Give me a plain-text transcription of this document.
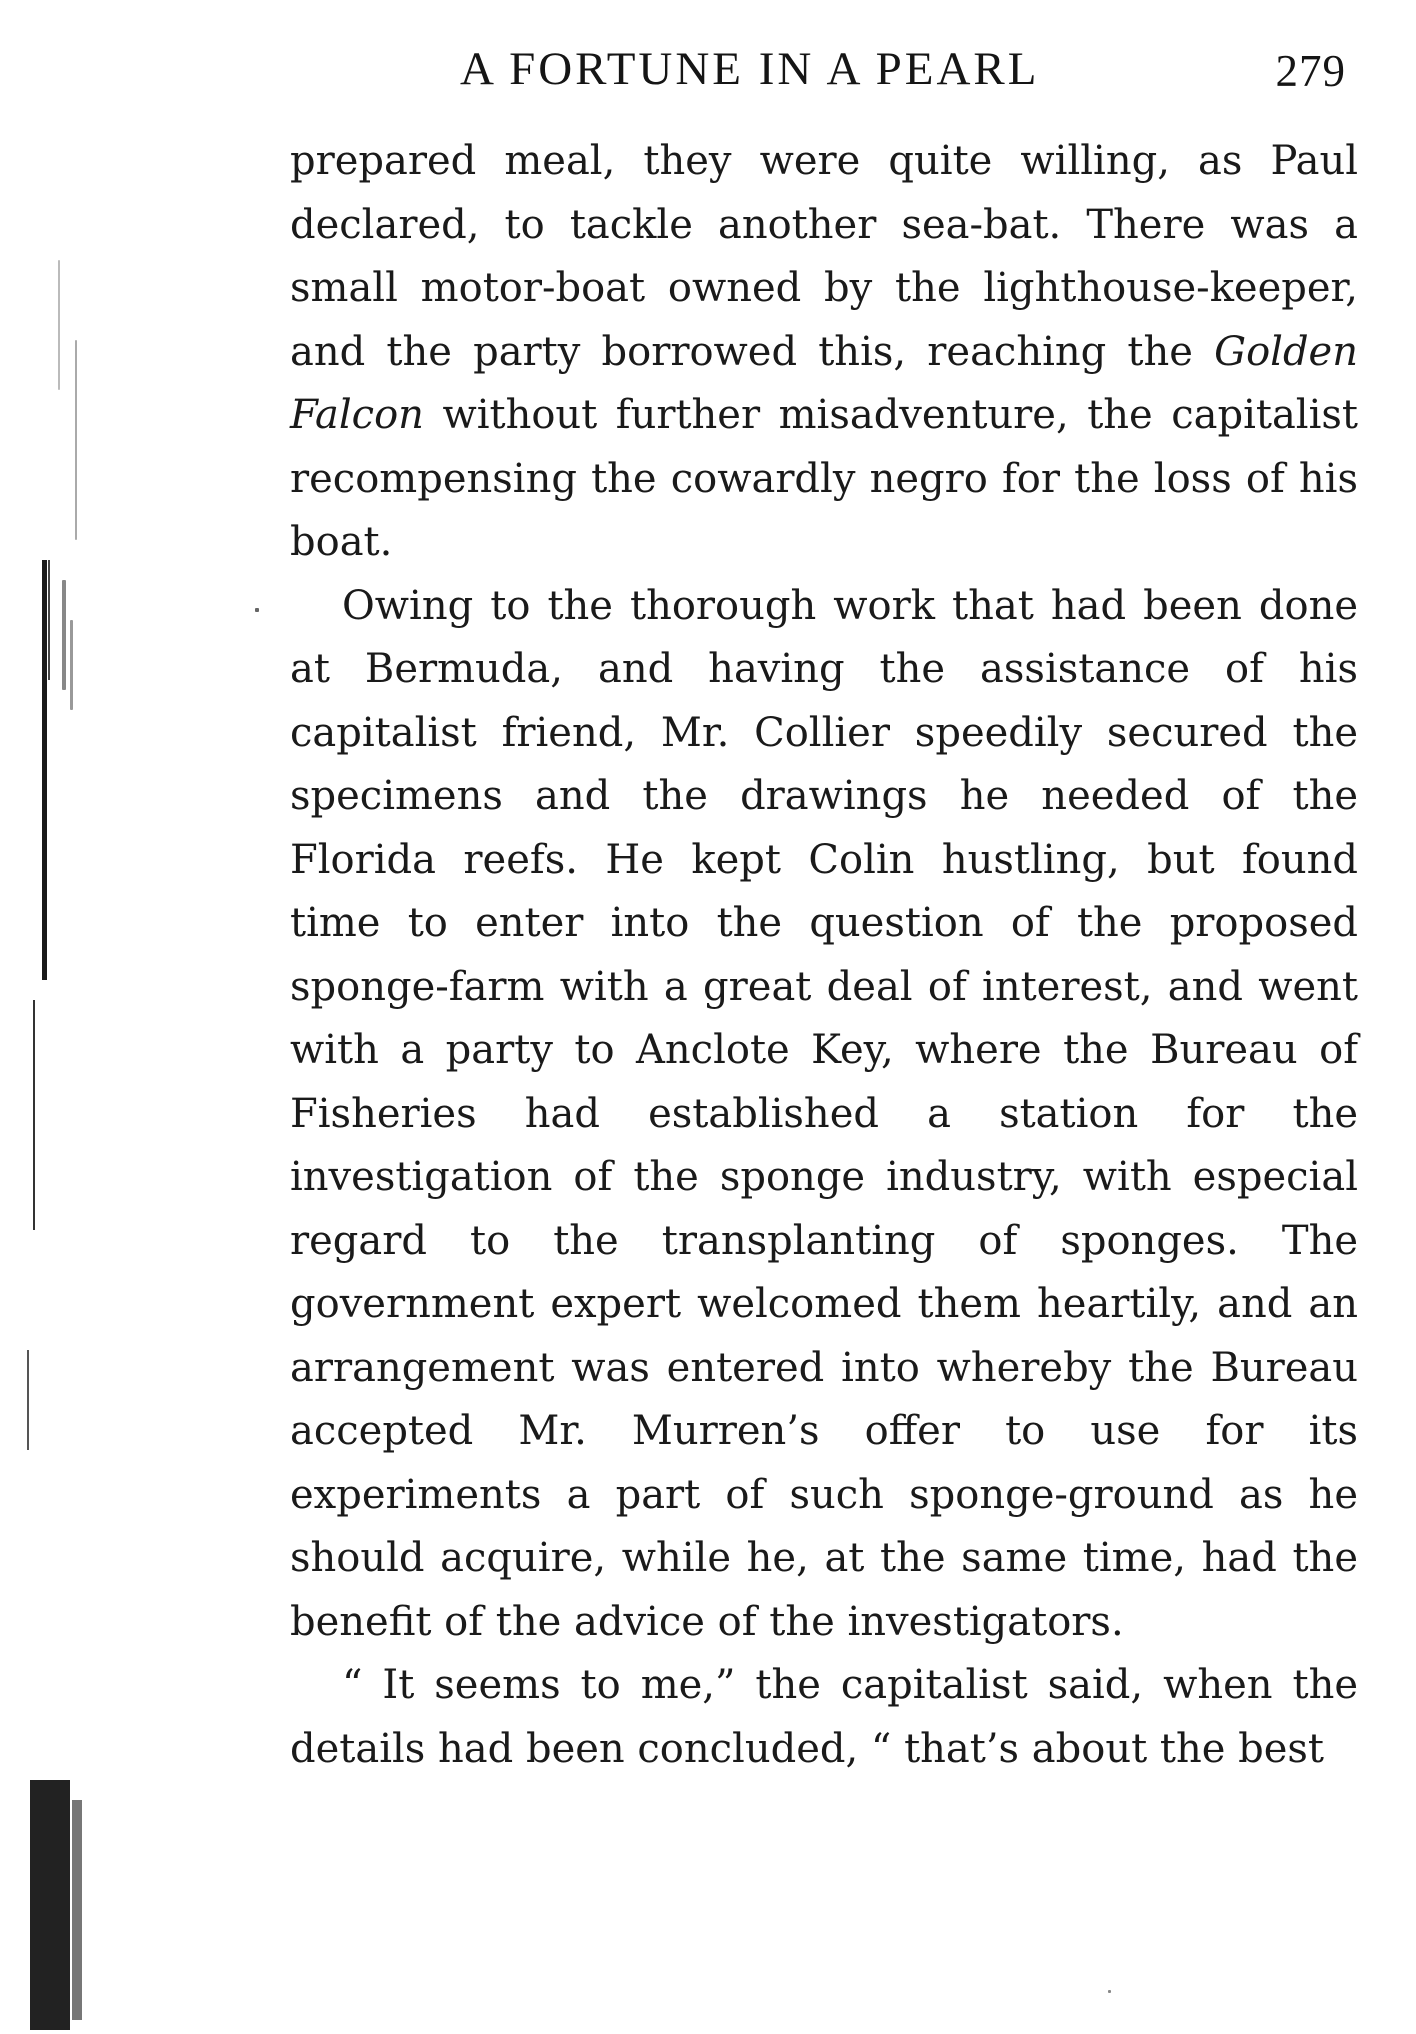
A FORTUNE IN A PEARL	279

prepared meal, they were quite willing, as Paul declared, to tackle another sea-bat. There was a small motor-boat owned by the lighthouse-keeper, and the party borrowed this, reaching the Golden Falcon without further misadventure, the capitalist recompensing the cowardly negro for the loss of his boat.

Owing to the thorough work that had been done at Bermuda, and having the assistance of his capitalist friend, Mr. Collier speedily secured the specimens and the drawings he needed of the Florida reefs. He kept Colin hustling, but found time to enter into the question of the proposed sponge-farm with a great deal of interest, and went with a party to Anclote Key, where the Bureau of Fisheries had established a station for the investigation of the sponge industry, with especial regard to the transplanting of sponges. The government expert welcomed them heartily, and an arrangement was entered into whereby the Bureau accepted Mr. Murren’s offer to use for its experiments a part of such sponge-ground as he should acquire, while he, at the same time, had the benefit of the advice of the investigators.

“ It seems to me,” the capitalist said, when the details had been concluded, “ that’s about the best
